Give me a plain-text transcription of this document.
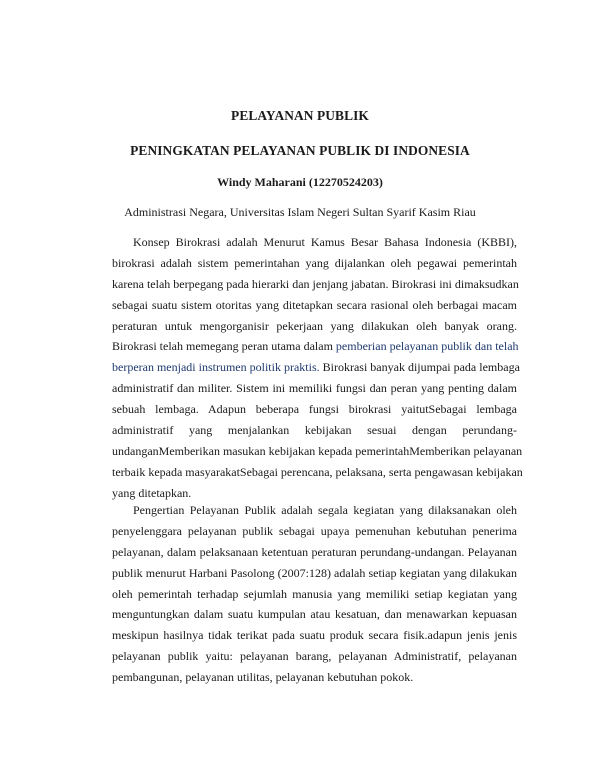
PELAYANAN PUBLIK
PENINGKATAN PELAYANAN PUBLIK DI INDONESIA

Windy Maharani (12270524203)

Administrasi Negara, Universitas Islam Negeri Sultan Syarif Kasim Riau

Konsep Birokrasi adalah Menurut Kamus Besar Bahasa Indonesia (KBBI),
birokrasi adalah sistem pemerintahan yang dijalankan oleh pegawai pemerintah
karena telah berpegang pada hierarki dan jenjang jabatan. Birokrasi ini dimaksudkan
sebagai suatu sistem otoritas yang ditetapkan secara rasional oleh berbagai macam
peraturan untuk mengorganisir pekerjaan yang dilakukan oleh banyak orang.
Birokrasi telah memegang peran utama dalam pemberian pelayanan publik dan telah
berperan menjadi instrumen politik praktis. Birokrasi banyak dijumpai pada lembaga
administratif dan militer. Sistem ini memiliki fungsi dan peran yang penting dalam
sebuah lembaga. Adapun beberapa fungsi birokrasi yaitutSebagai lembaga
administratif yang menjalankan kebijakan sesuai dengan perundang-
undanganMemberikan masukan kebijakan kepada pemerintahMemberikan pelayanan
terbaik kepada masyarakatSebagai perencana, pelaksana, serta pengawasan kebijakan
yang ditetapkan.
Pengertian Pelayanan Publik adalah segala kegiatan yang dilaksanakan oleh
penyelenggara pelayanan publik sebagai upaya pemenuhan kebutuhan penerima
pelayanan, dalam pelaksanaan ketentuan peraturan perundang-undangan. Pelayanan
publik menurut Harbani Pasolong (2007:128) adalah setiap kegiatan yang dilakukan
oleh pemerintah terhadap sejumlah manusia yang memiliki setiap kegiatan yang
menguntungkan dalam suatu kumpulan atau kesatuan, dan menawarkan kepuasan
meskipun hasilnya tidak terikat pada suatu produk secara fisik.adapun jenis jenis
pelayanan publik yaitu: pelayanan barang, pelayanan Administratif, pelayanan
pembangunan, pelayanan utilitas, pelayanan kebutuhan pokok.
